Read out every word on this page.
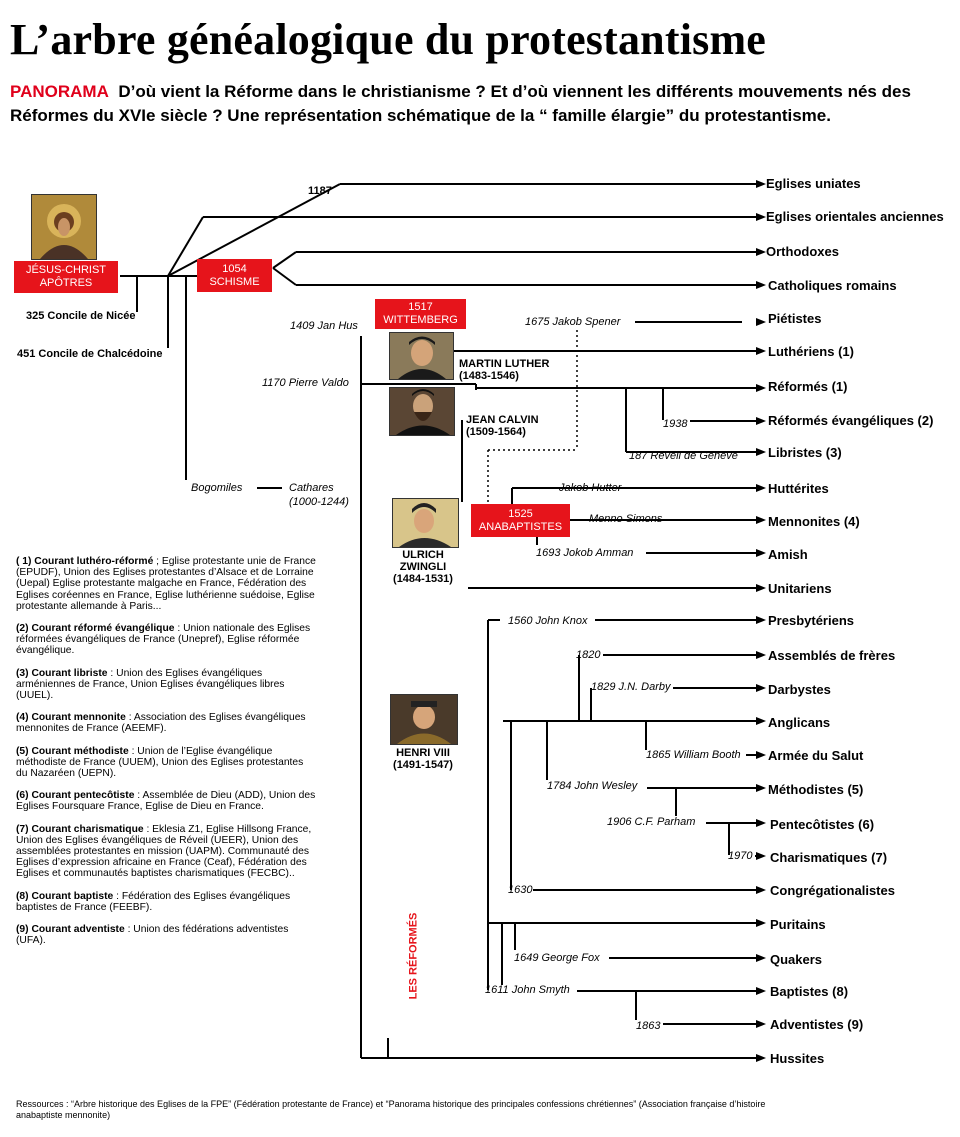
L’arbre généalogique du protestantisme
PANORAMA D’où vient la Réforme dans le christianisme ? Et d’où viennent les différents mouvements nés des Réformes du XVIe siècle ? Une représentation schématique de la “ famille élargie” du protestantisme.
JÉSUS-CHRIST
APÔTRES
1054
SCHISME
1517
WITTEMBERG
1525
ANABAPTISTES
325 Concile de Nicée
451 Concile de Chalcédoine
1187
MARTIN LUTHER
(1483-1546)
JEAN CALVIN
(1509-1564)
ULRICH
ZWINGLI
(1484-1531)
HENRI VIII
(1491-1547)
1409 Jan Hus
1170 Pierre Valdo
1675 Jakob Spener
1938
187 Réveil de Genève
Bogomiles	Cathares
(1000-1244)
Jakob Hutter
Menno Simons
1693 Jokob Amman
1560 John Knox
1820
1829 J.N. Darby
1865 William Booth
1784 John Wesley
1906 C.F. Parham
1970
1630
1649 George Fox
1611 John Smyth
1863
Eglises uniates
Eglises orientales anciennes
Orthodoxes
Catholiques romains
Piétistes
Luthériens (1)
Réformés (1)
Réformés évangéliques (2)
Libristes (3)
Huttérites
Mennonites (4)
Amish
Unitariens
Presbytériens
Assemblés de frères
Darbystes
Anglicans
Armée du Salut
Méthodistes (5)
Pentecôtistes (6)
Charismatiques (7)
Congrégationalistes
Puritains
Quakers
Baptistes (8)
Adventistes (9)
Hussites
LES RÉFORMÉS
( 1) Courant luthéro-réformé ; Eglise protestante unie de France (EPUDF), Union des Eglises protestantes d’Alsace et de Lorraine (Uepal) Eglise protestante malgache en France, Fédération des Eglises coréennes en France, Eglise luthérienne suédoise, Eglise protestante allemande à Paris...
(2) Courant réformé évangélique : Union nationale des Eglises réformées évangéliques de France (Unepref), Eglise réformée évangélique.
(3) Courant libriste : Union des Eglises évangéliques arméniennes de France, Union Eglises évangéliques libres (UUEL).
(4) Courant mennonite : Association des Eglises évangéliques mennonites de France (AEEMF).
(5) Courant méthodiste : Union de l’Eglise évangélique méthodiste de France (UUEM), Union des Eglises protestantes du Nazaréen (UEPN).
(6) Courant pentecôtiste : Assemblée de Dieu (ADD), Union des Eglises Foursquare France, Eglise de Dieu en France.
(7) Courant charismatique : Eklesia Z1, Eglise Hillsong France, Union des Eglises évangéliques de Réveil (UEER), Union des assemblées protestantes en mission (UAPM). Communauté des Eglises d’expression africaine en France (Ceaf), Fédération des Eglises et communautés baptistes charismatiques (FECBC)..
(8) Courant baptiste : Fédération des Eglises évangéliques baptistes de France (FEEBF).
(9) Courant adventiste : Union des fédérations adventistes (UFA).
Ressources : “Arbre historique des Eglises de la FPE” (Fédération protestante de France) et “Panorama historique des principales confessions chrétiennes” (Association française d’histoire anabaptiste mennonite)
